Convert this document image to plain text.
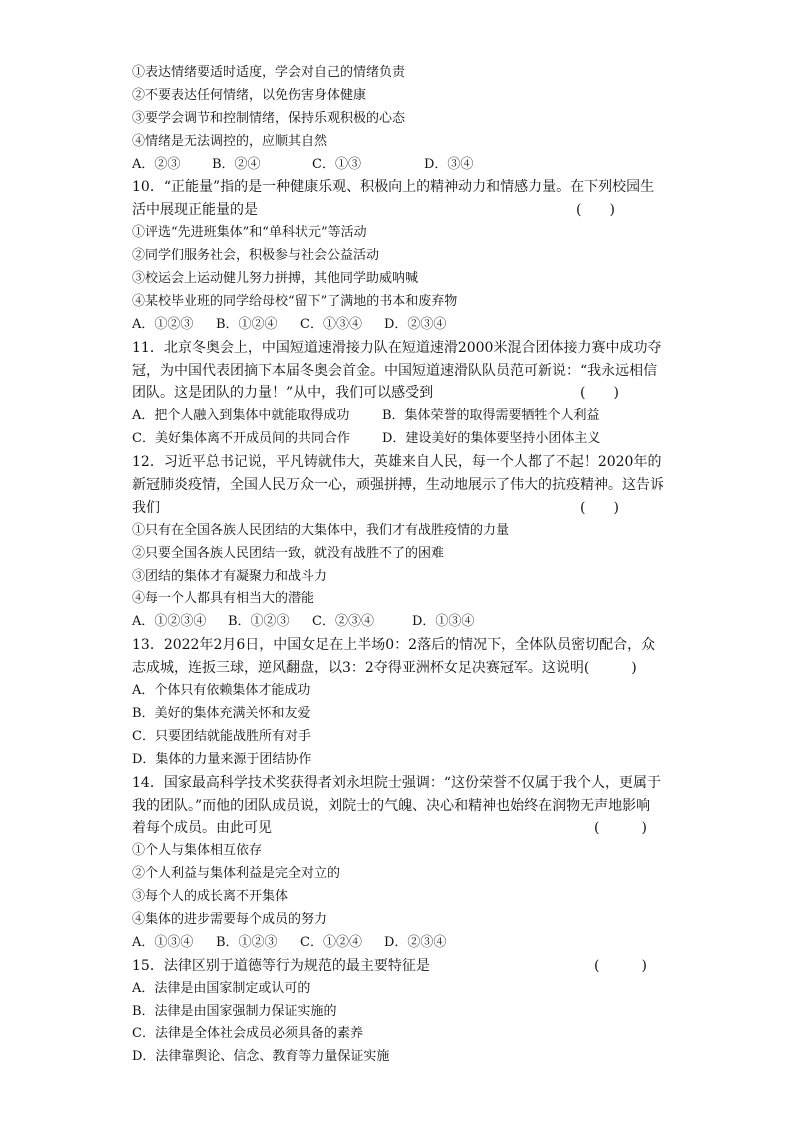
①表达情绪要适时适度，学会对自己的情绪负责
②不要表达任何情绪，以免伤害身体健康
③要学会调节和控制情绪，保持乐观积极的心态
④情绪是无法调控的，应顺其自然
A．②③	B．②④	C．①③	D．③④
10．“正能量”指的是一种健康乐观、积极向上的精神动力和情感力量。在下列校园生
活中展现正能量的是	(　　)
①评选“先进班集体”和“单科状元”等活动
②同学们服务社会，积极参与社会公益活动
③校运会上运动健儿努力拼搏，其他同学助威呐喊
④某校毕业班的同学给母校“留下”了满地的书本和废弃物
A．①②③	B．①②④	C．①③④	D．②③④
11．北京冬奥会上，中国短道速滑接力队在短道速滑2000米混合团体接力赛中成功夺
冠，为中国代表团摘下本届冬奥会首金。中国短道速滑队队员范可新说：“我永远相信
团队。这是团队的力量！”从中，我们可以感受到	(　　)
A．把个人融入到集体中就能取得成功	B．集体荣誉的取得需要牺牲个人利益
C．美好集体离不开成员间的共同合作	D．建设美好的集体要坚持小团体主义
12．习近平总书记说，平凡铸就伟大，英雄来自人民，每一个人都了不起！2020年的
新冠肺炎疫情，全国人民万众一心，顽强拼搏，生动地展示了伟大的抗疫精神。这告诉
我们	(　　)
①只有在全国各族人民团结的大集体中，我们才有战胜疫情的力量
②只要全国各族人民团结一致，就没有战胜不了的困难
③团结的集体才有凝聚力和战斗力
④每一个人都具有相当大的潜能
A．①②③④	B．①②③	C．②③④	D．①③④
13．2022年2月6日，中国女足在上半场0：2落后的情况下，全体队员密切配合，众
志成城，连扳三球，逆风翻盘，以3：2夺得亚洲杯女足决赛冠军。这说明(　　　)
A．个体只有依赖集体才能成功
B．美好的集体充满关怀和友爱
C．只要团结就能战胜所有对手
D．集体的力量来源于团结协作
14．国家最高科学技术奖获得者刘永坦院士强调：“这份荣誉不仅属于我个人，更属于
我的团队。”而他的团队成员说，刘院士的气魄、决心和精神也始终在润物无声地影响
着每个成员。由此可见	(　　　)
①个人与集体相互依存
②个人利益与集体利益是完全对立的
③每个人的成长离不开集体
④集体的进步需要每个成员的努力
A．①③④	B．①②③	C．①②④	D．②③④
15．法律区别于道德等行为规范的最主要特征是	(　　　)
A．法律是由国家制定或认可的
B．法律是由国家强制力保证实施的
C．法律是全体社会成员必须具备的素养
D．法律靠舆论、信念、教育等力量保证实施
